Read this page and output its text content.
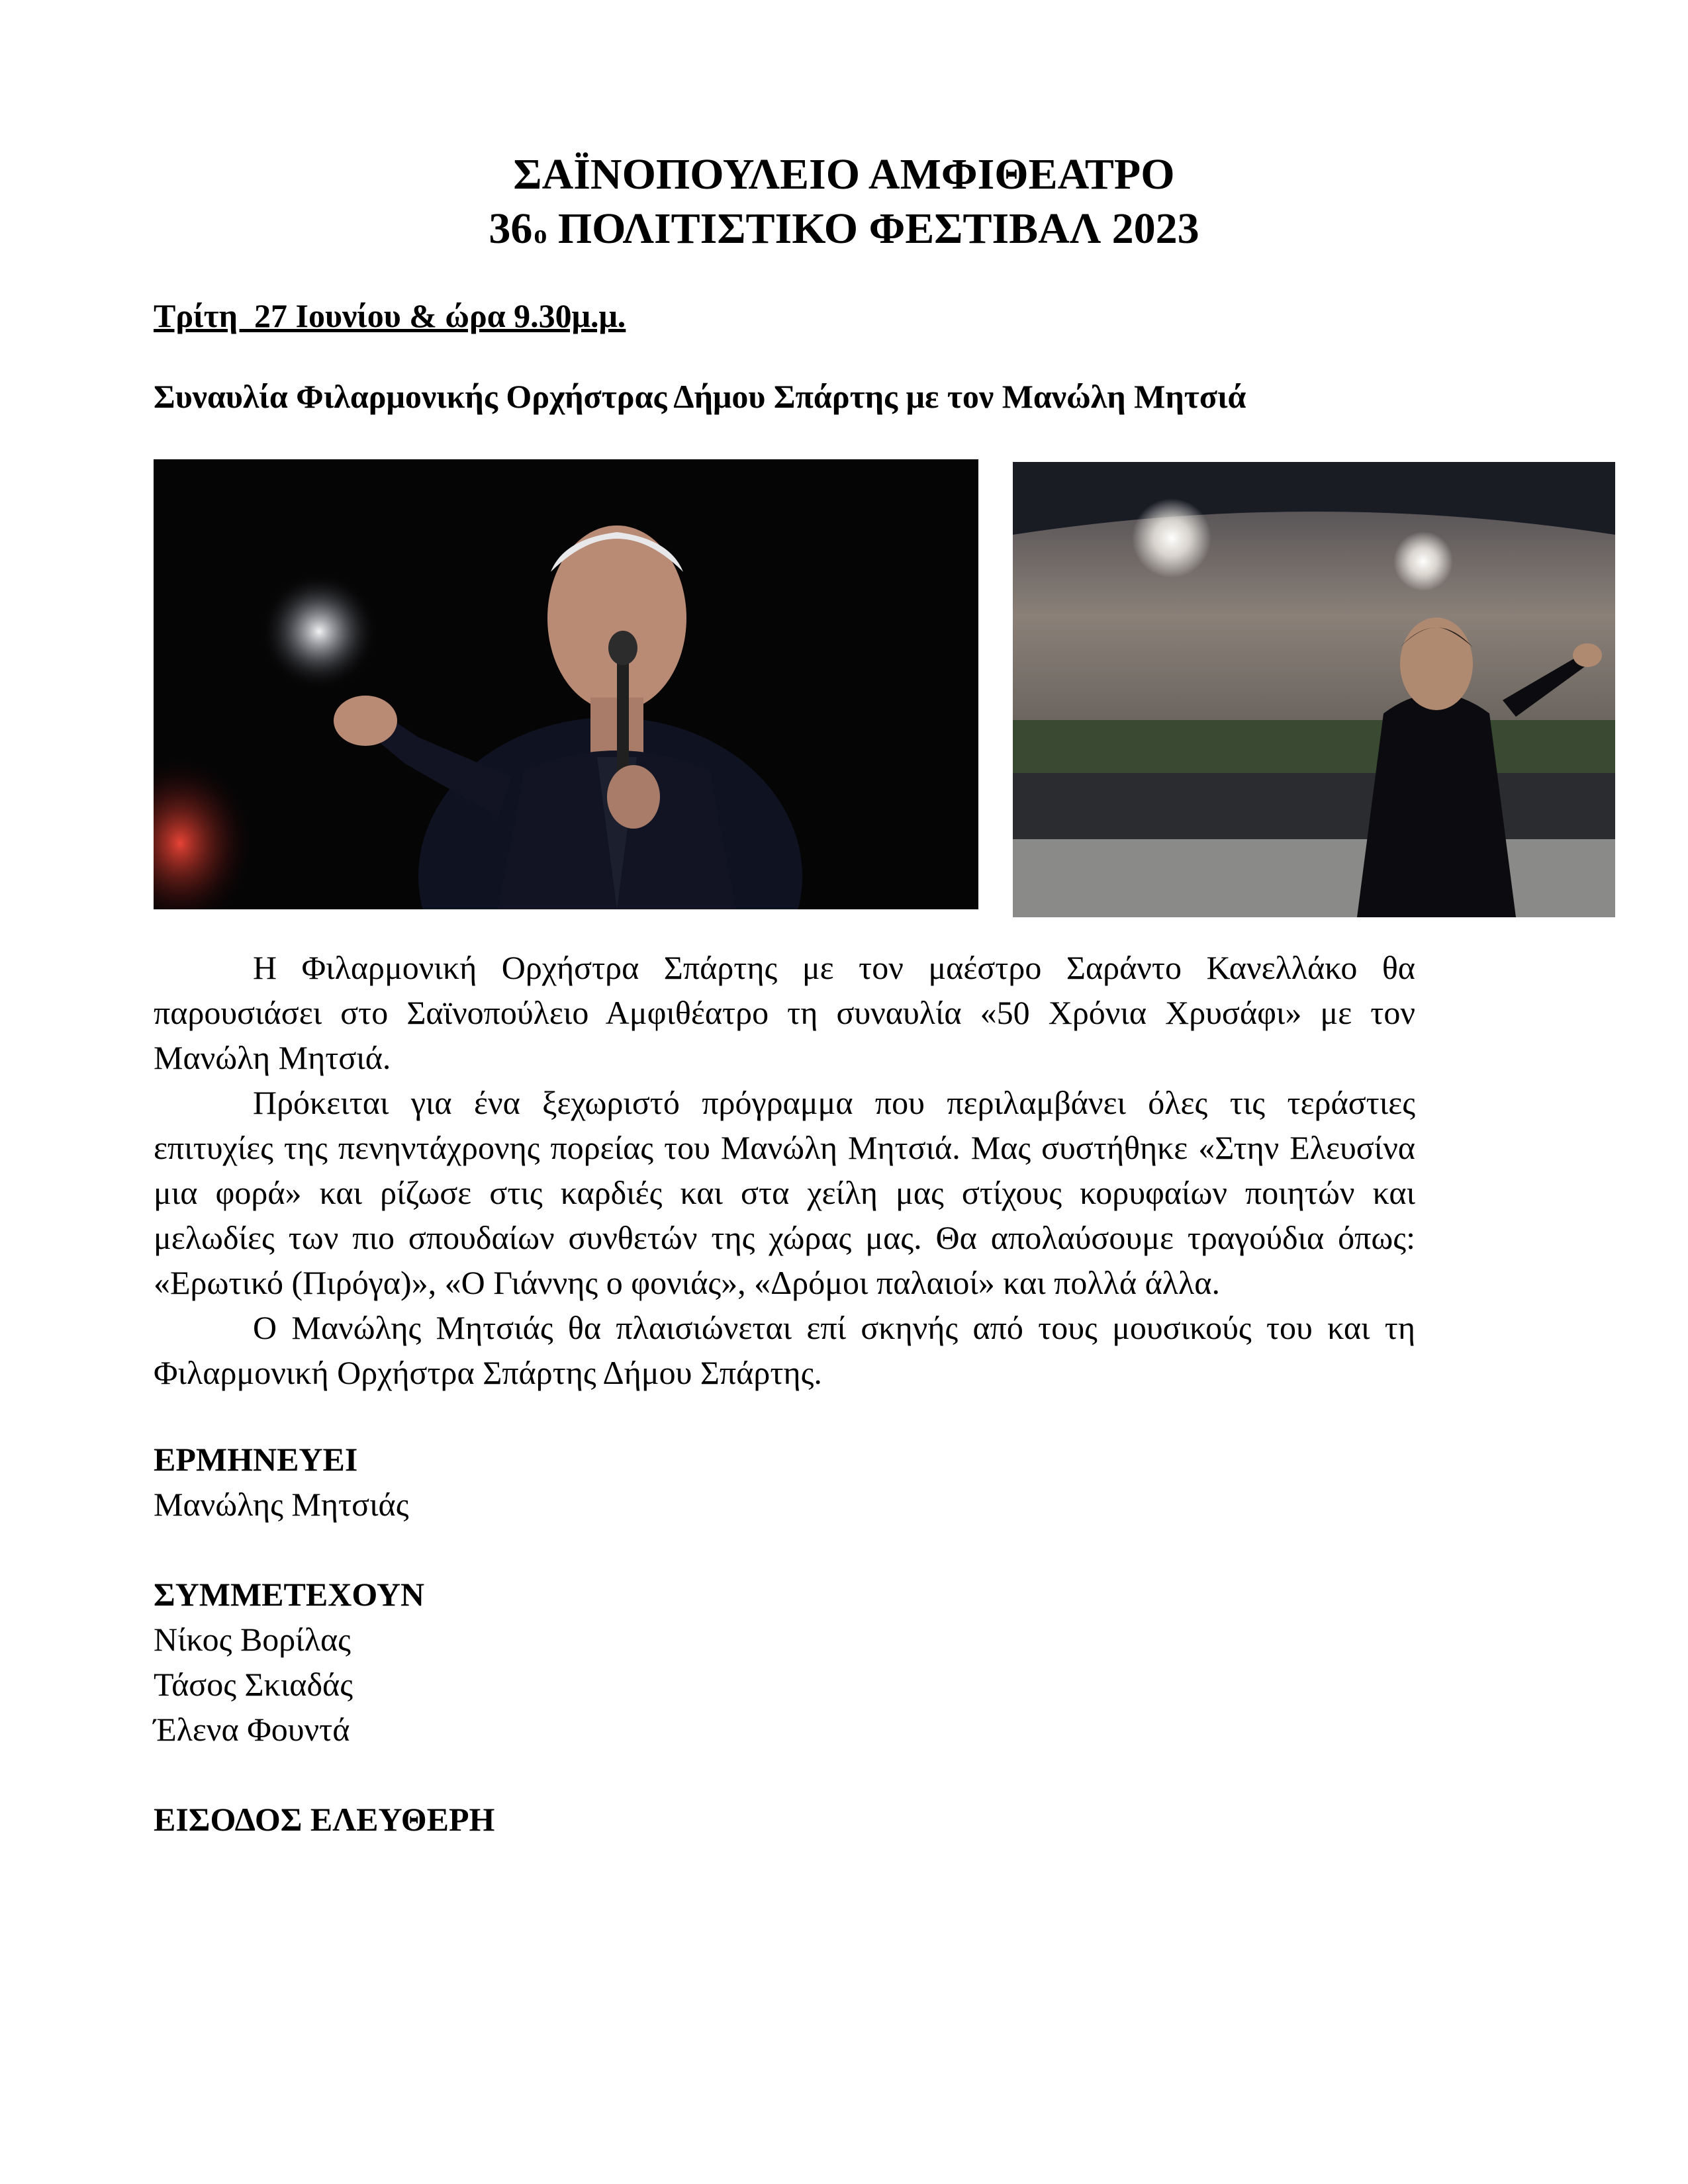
ΣΑΪΝΟΠΟΥΛΕΙΟ ΑΜΦΙΘΕΑΤΡΟ
$36^o$ ΠΟΛΙΤΙΣΤΙΚΟ ΦΕΣΤΙΒΑΛ 2023
Τρίτη  27 Ιουνίου & ώρα 9.30μ.μ.
Συναυλία Φιλαρμονικής Ορχήστρας Δήμου Σπάρτης με τον Μανώλη Μητσιά

Η Φιλαρμονική Ορχήστρα Σπάρτης με τον μαέστρο Σαράντο Κανελλάκο θα παρουσιάσει στο Σαϊνοπούλειο Αμφιθέατρο τη συναυλία «50 Χρόνια Χρυσάφι» με τον Μανώλη Μητσιά.

Πρόκειται για ένα ξεχωριστό πρόγραμμα που περιλαμβάνει όλες τις τεράστιες επιτυχίες της πενηντάχρονης πορείας του Μανώλη Μητσιά. Μας συστήθηκε «Στην Ελευσίνα μια φορά» και ρίζωσε στις καρδιές και στα χείλη μας στίχους κορυφαίων ποιητών και μελωδίες των πιο σπουδαίων συνθετών της χώρας μας. Θα απολαύσουμε τραγούδια όπως: «Ερωτικό (Πιρόγα)», «Ο Γιάννης ο φονιάς», «Δρόμοι παλαιοί» και πολλά άλλα.

Ο Μανώλης Μητσιάς θα πλαισιώνεται επί σκηνής από τους μουσικούς του και τη Φιλαρμονική Ορχήστρα Σπάρτης Δήμου Σπάρτης.

ΕΡΜΗΝΕΥΕΙ
Μανώλης Μητσιάς
ΣΥΜΜΕΤΕΧΟΥΝ
Νίκος Βορίλας
Τάσος Σκιαδάς
Έλενα Φουντά
ΕΙΣΟΔΟΣ ΕΛΕΥΘΕΡΗ
